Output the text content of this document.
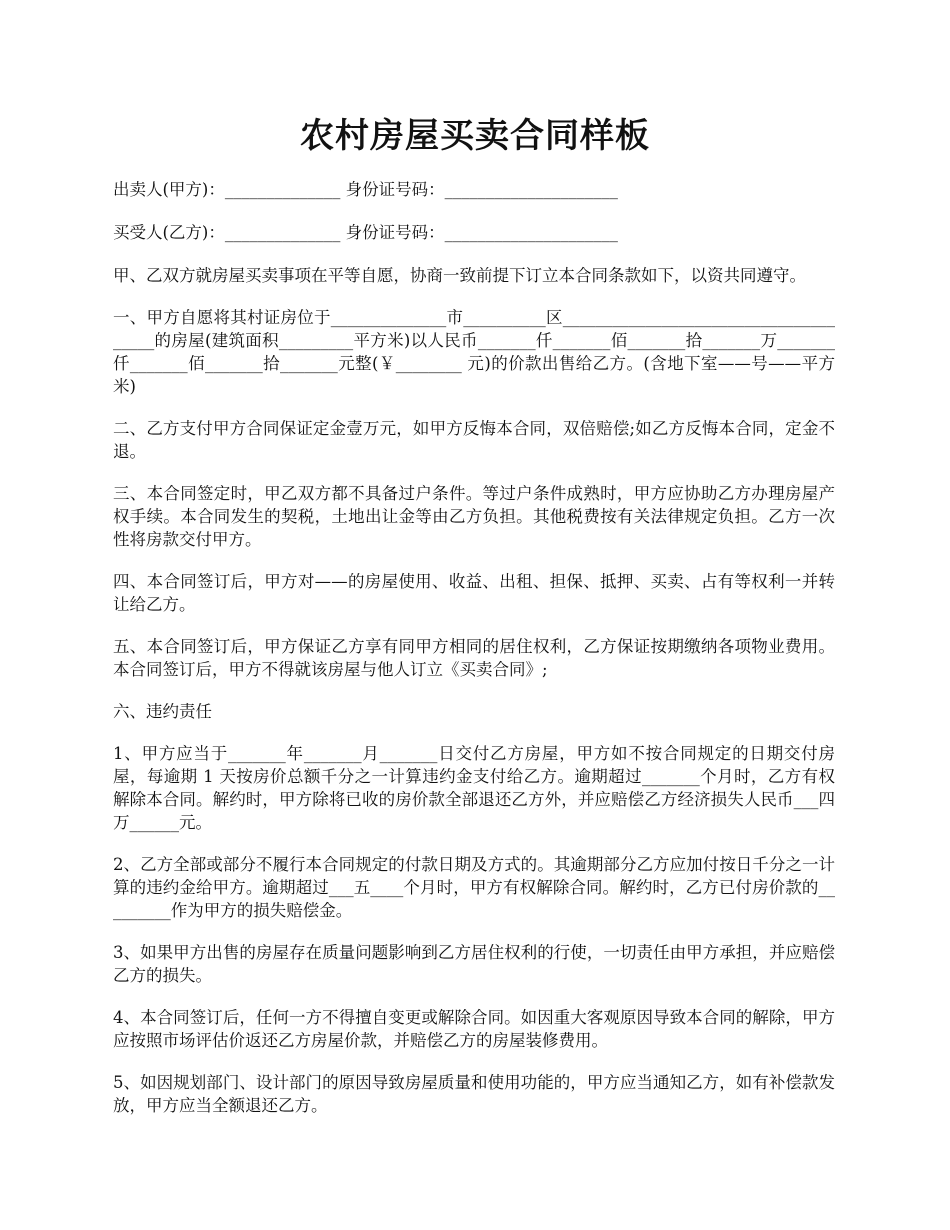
农村房屋买卖合同样板

出卖人(甲方)：______________ 身份证号码：_____________________

买受人(乙方)：______________ 身份证号码：_____________________

甲、乙双方就房屋买卖事项在平等自愿，协商一致前提下订立本合同条款如下，以资共同遵守。

一、甲方自愿将其村证房位于______________市__________区______________________________________的房屋(建筑面积_________平方米)以人民币_______仟_______佰_______拾_______万_______仟_______佰_______拾_______元整(￥________ 元)的价款出售给乙方。(含地下室——号——平方米)

二、乙方支付甲方合同保证定金壹万元，如甲方反悔本合同，双倍赔偿;如乙方反悔本合同，定金不退。

三、本合同签定时，甲乙双方都不具备过户条件。等过户条件成熟时，甲方应协助乙方办理房屋产权手续。本合同发生的契税，土地出让金等由乙方负担。其他税费按有关法律规定负担。乙方一次性将房款交付甲方。

四、本合同签订后，甲方对——的房屋使用、收益、出租、担保、抵押、买卖、占有等权利一并转让给乙方。

五、本合同签订后，甲方保证乙方享有同甲方相同的居住权利，乙方保证按期缴纳各项物业费用。本合同签订后，甲方不得就该房屋与他人订立《买卖合同》;

六、违约责任

1、甲方应当于_______年_______月_______日交付乙方房屋，甲方如不按合同规定的日期交付房屋，每逾期 1 天按房价总额千分之一计算违约金支付给乙方。逾期超过_______个月时，乙方有权解除本合同。解约时，甲方除将已收的房价款全部退还乙方外，并应赔偿乙方经济损失人民币___四万______元。

2、乙方全部或部分不履行本合同规定的付款日期及方式的。其逾期部分乙方应加付按日千分之一计算的违约金给甲方。逾期超过___五____个月时，甲方有权解除合同。解约时，乙方已付房价款的_________作为甲方的损失赔偿金。

3、如果甲方出售的房屋存在质量问题影响到乙方居住权利的行使，一切责任由甲方承担，并应赔偿乙方的损失。

4、本合同签订后，任何一方不得擅自变更或解除合同。如因重大客观原因导致本合同的解除，甲方应按照市场评估价返还乙方房屋价款，并赔偿乙方的房屋装修费用。

5、如因规划部门、设计部门的原因导致房屋质量和使用功能的，甲方应当通知乙方，如有补偿款发放，甲方应当全额退还乙方。
